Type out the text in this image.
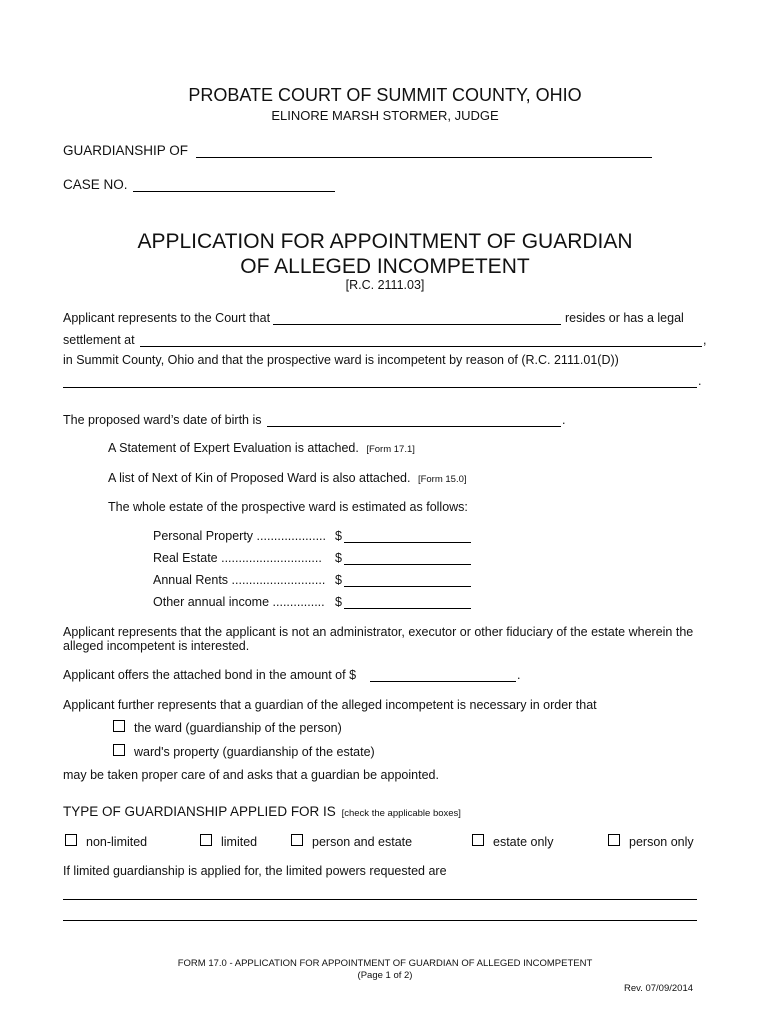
PROBATE COURT OF SUMMIT COUNTY, OHIO
ELINORE MARSH STORMER, JUDGE
GUARDIANSHIP OF
CASE NO.
APPLICATION FOR APPOINTMENT OF GUARDIAN
OF ALLEGED INCOMPETENT
[R.C. 2111.03]
Applicant represents to the Court that	resides or has a legal
settlement at	,
in Summit County, Ohio and that the prospective ward is incompetent by reason of (R.C. 2111.01(D))
.
The proposed ward’s date of birth is	.
A Statement of Expert Evaluation is attached. [Form 17.1]
A list of Next of Kin of Proposed Ward is also attached. [Form 15.0]
The whole estate of the prospective ward is estimated as follows:
Personal Property .................... $
Real Estate ............................. $
Annual Rents ........................... $
Other annual income ............... $
Applicant represents that the applicant is not an administrator, executor or other fiduciary of the estate wherein the
alleged incompetent is interested.
Applicant offers the attached bond in the amount of $	.
Applicant further represents that a guardian of the alleged incompetent is necessary in order that
the ward (guardianship of the person)
ward's property (guardianship of the estate)
may be taken proper care of and asks that a guardian be appointed.
TYPE OF GUARDIANSHIP APPLIED FOR IS [check the applicable boxes]
non-limited	limited	person and estate	estate only	person only
If limited guardianship is applied for, the limited powers requested are
FORM 17.0 - APPLICATION FOR APPOINTMENT OF GUARDIAN OF ALLEGED INCOMPETENT
(Page 1 of 2)
Rev. 07/09/2014
